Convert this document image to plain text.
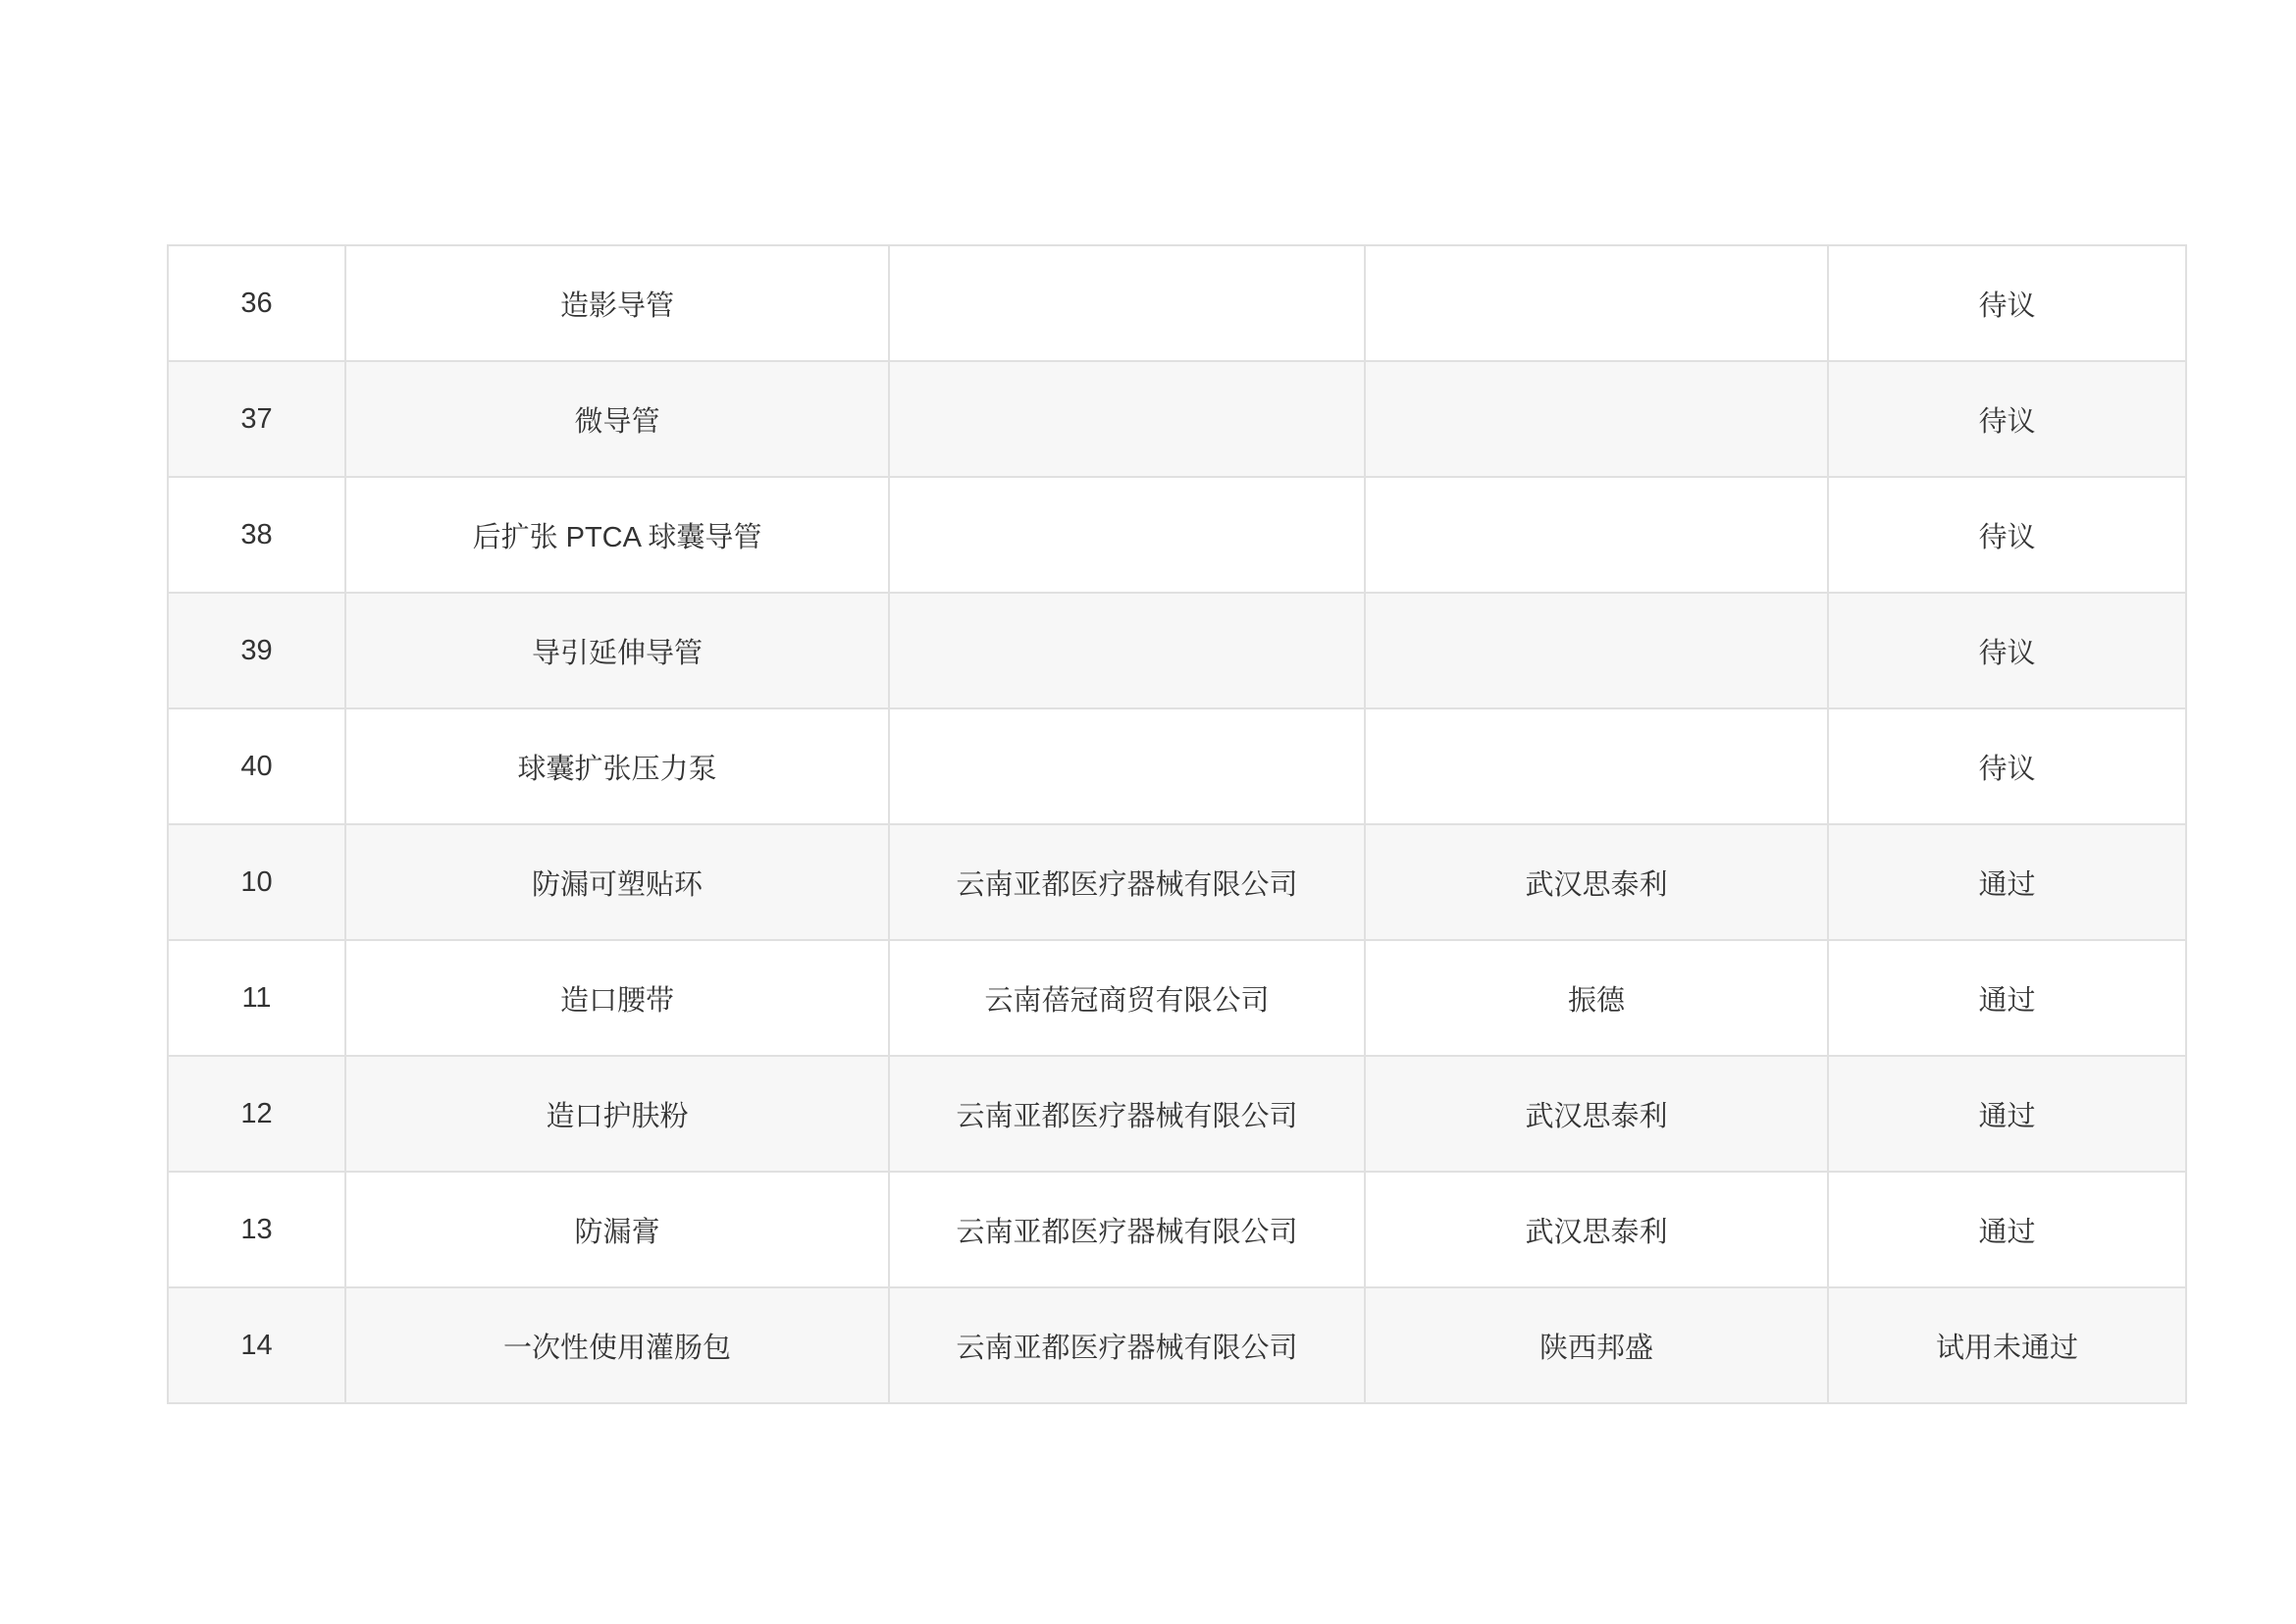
36	造影导管			待议
37	微导管			待议
38	后扩张 PTCA 球囊导管			待议
39	导引延伸导管			待议
40	球囊扩张压力泵			待议
10	防漏可塑贴环	云南亚都医疗器械有限公司	武汉思泰利	通过
11	造口腰带	云南蓓冠商贸有限公司	振德	通过
12	造口护肤粉	云南亚都医疗器械有限公司	武汉思泰利	通过
13	防漏膏	云南亚都医疗器械有限公司	武汉思泰利	通过
14	一次性使用灌肠包	云南亚都医疗器械有限公司	陕西邦盛	试用未通过
